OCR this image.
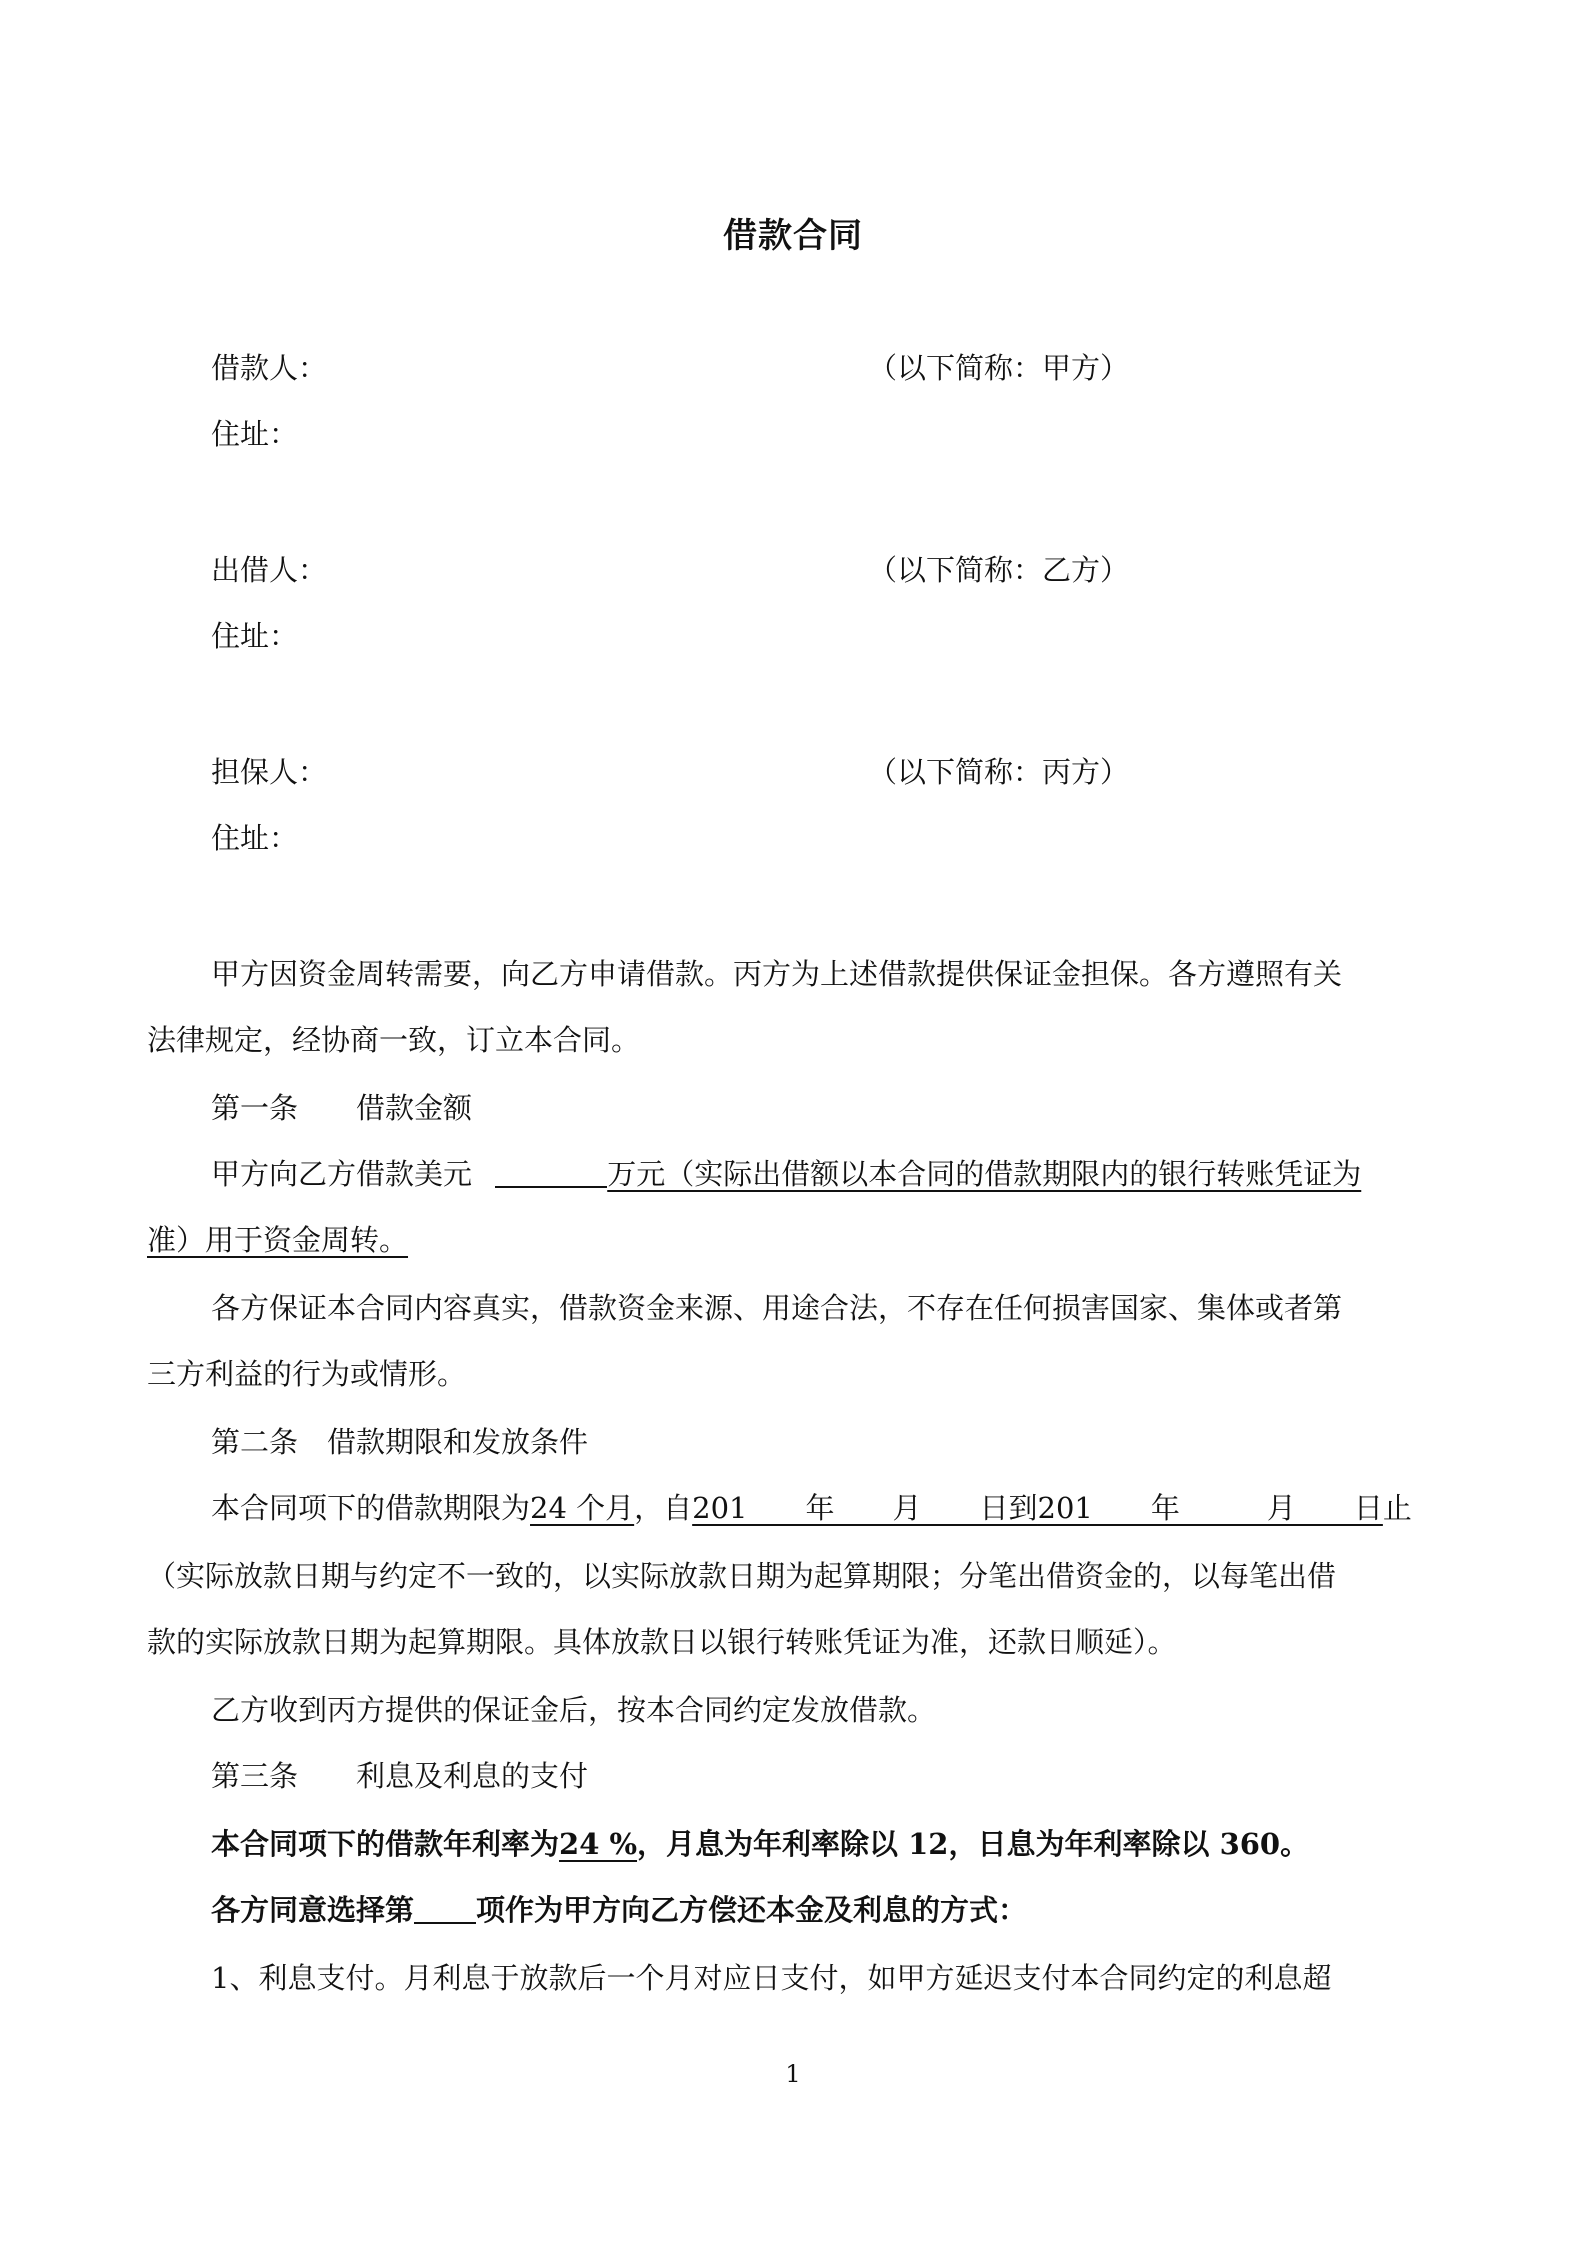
借款合同
借款人：	（以下简称：甲方）
住址：
出借人：	（以下简称：乙方）
住址：
担保人：	（以下简称：丙方）
住址：
甲方因资金周转需要，向乙方申请借款。丙方为上述借款提供保证金担保。各方遵照有关
法律规定，经协商一致，订立本合同。
第一条　　借款金额
甲方向乙方借款美元	万元（实际出借额以本合同的借款期限内的银行转账凭证为
准）用于资金周转。
各方保证本合同内容真实，借款资金来源、用途合法，不存在任何损害国家、集体或者第
三方利益的行为或情形。
第二条　借款期限和发放条件
本合同项下的借款期限为24 个月，自201　　年　　月　　日到201　　年　　　月　　日止
（实际放款日期与约定不一致的，以实际放款日期为起算期限；分笔出借资金的，以每笔出借
款的实际放款日期为起算期限。具体放款日以银行转账凭证为准，还款日顺延）。
乙方收到丙方提供的保证金后，按本合同约定发放借款。
第三条　　利息及利息的支付
本合同项下的借款年利率为24 %，月息为年利率除以 12，日息为年利率除以 360。
各方同意选择第 项作为甲方向乙方偿还本金及利息的方式：
1、利息支付。月利息于放款后一个月对应日支付，如甲方延迟支付本合同约定的利息超
1
